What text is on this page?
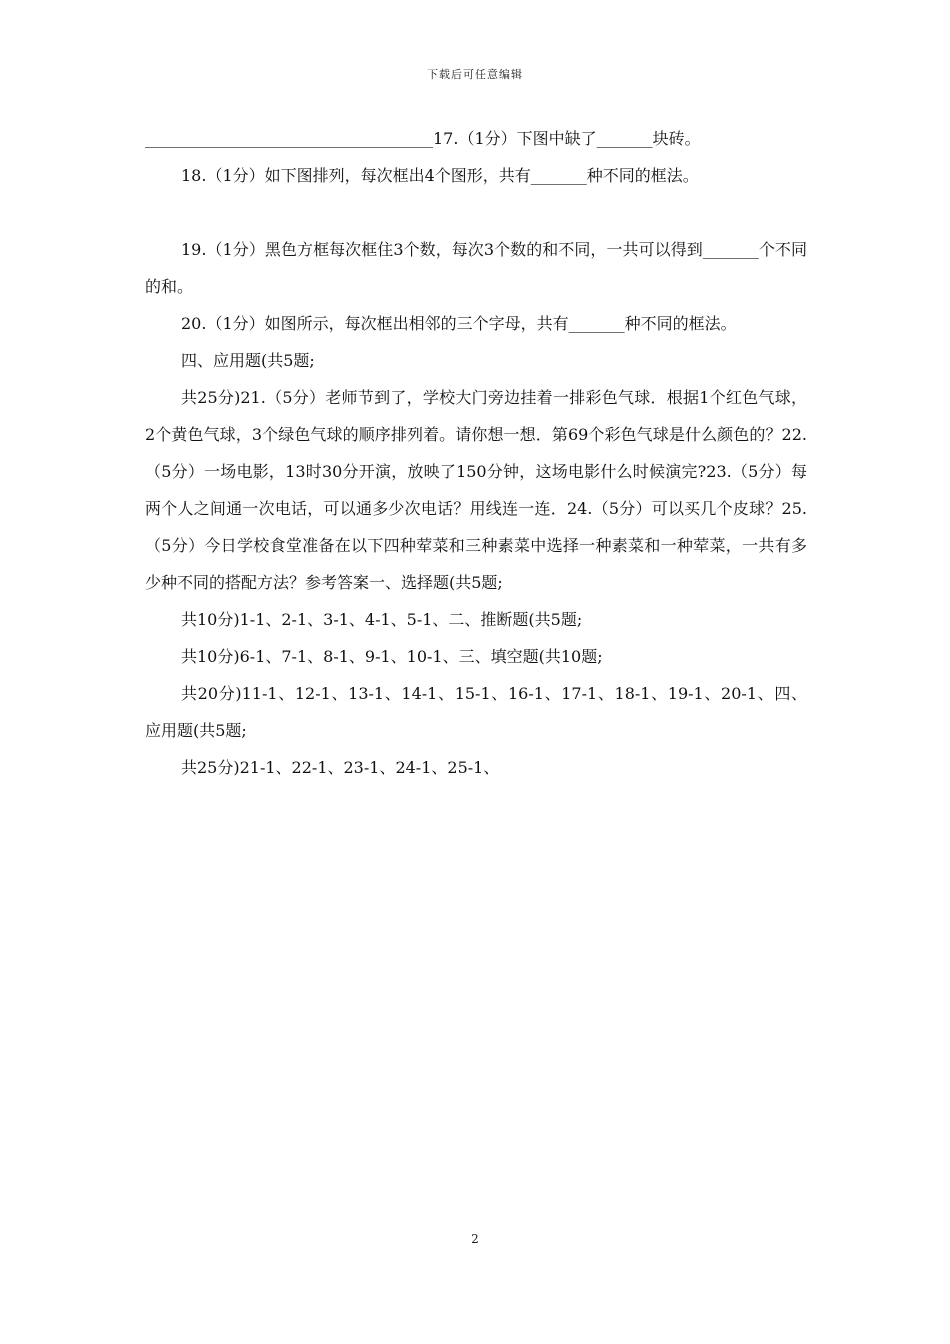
下载后可任意编辑

____________________________________17.（1分）下图中缺了_______块砖。

18.（1分）如下图排列，每次框出4个图形，共有_______种不同的框法。

19.（1分）黑色方框每次框住3个数，每次3个数的和不同，一共可以得到_______个不同的和。

20.（1分）如图所示，每次框出相邻的三个字母，共有_______种不同的框法。

四、应用题(共5题;

共25分)21.（5分）老师节到了，学校大门旁边挂着一排彩色气球．根据1个红色气球，2个黄色气球，3个绿色气球的顺序排列着。请你想一想．第69个彩色气球是什么颜色的？22.（5分）一场电影，13时30分开演，放映了150分钟，这场电影什么时候演完?23.（5分）每两个人之间通一次电话，可以通多少次电话？用线连一连．24.（5分）可以买几个皮球？25.（5分）今日学校食堂准备在以下四种荤菜和三种素菜中选择一种素菜和一种荤菜，一共有多少种不同的搭配方法？参考答案一、选择题(共5题;

共10分)1-1、2-1、3-1、4-1、5-1、二、推断题(共5题;

共10分)6-1、7-1、8-1、9-1、10-1、三、填空题(共10题;

共20分)11-1、12-1、13-1、14-1、15-1、16-1、17-1、18-1、19-1、20-1、四、应用题(共5题;

共25分)21-1、22-1、23-1、24-1、25-1、

2
